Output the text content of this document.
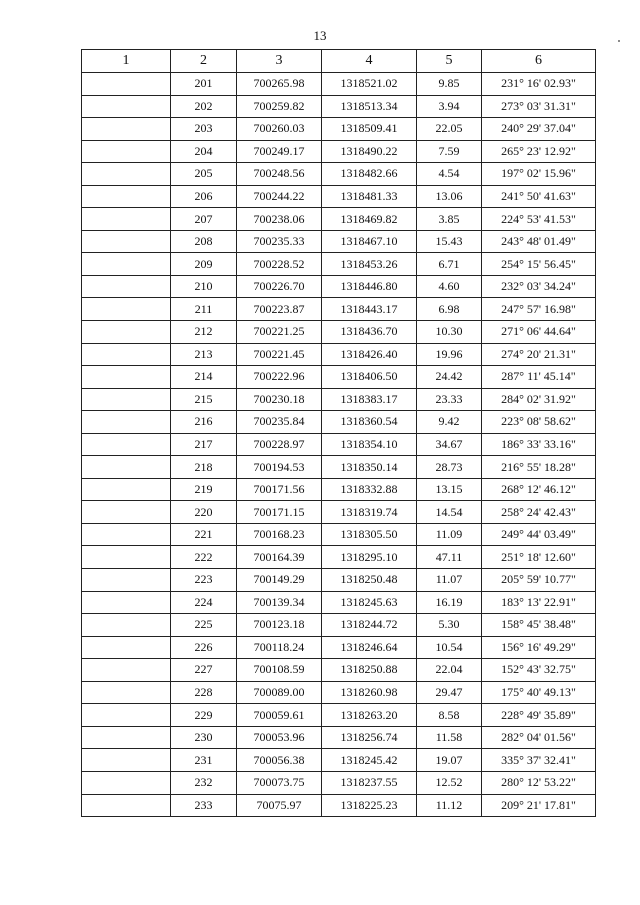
13
1	2	3	4	5	6
	201	700265.98	1318521.02	9.85	231° 16' 02.93"
	202	700259.82	1318513.34	3.94	273° 03' 31.31"
	203	700260.03	1318509.41	22.05	240° 29' 37.04"
	204	700249.17	1318490.22	7.59	265° 23' 12.92"
	205	700248.56	1318482.66	4.54	197° 02' 15.96"
	206	700244.22	1318481.33	13.06	241° 50' 41.63"
	207	700238.06	1318469.82	3.85	224° 53' 41.53"
	208	700235.33	1318467.10	15.43	243° 48' 01.49"
	209	700228.52	1318453.26	6.71	254° 15' 56.45"
	210	700226.70	1318446.80	4.60	232° 03' 34.24"
	211	700223.87	1318443.17	6.98	247° 57' 16.98"
	212	700221.25	1318436.70	10.30	271° 06' 44.64"
	213	700221.45	1318426.40	19.96	274° 20' 21.31"
	214	700222.96	1318406.50	24.42	287° 11' 45.14"
	215	700230.18	1318383.17	23.33	284° 02' 31.92"
	216	700235.84	1318360.54	9.42	223° 08' 58.62"
	217	700228.97	1318354.10	34.67	186° 33' 33.16"
	218	700194.53	1318350.14	28.73	216° 55' 18.28"
	219	700171.56	1318332.88	13.15	268° 12' 46.12"
	220	700171.15	1318319.74	14.54	258° 24' 42.43"
	221	700168.23	1318305.50	11.09	249° 44' 03.49"
	222	700164.39	1318295.10	47.11	251° 18' 12.60"
	223	700149.29	1318250.48	11.07	205° 59' 10.77"
	224	700139.34	1318245.63	16.19	183° 13' 22.91"
	225	700123.18	1318244.72	5.30	158° 45' 38.48"
	226	700118.24	1318246.64	10.54	156° 16' 49.29"
	227	700108.59	1318250.88	22.04	152° 43' 32.75"
	228	700089.00	1318260.98	29.47	175° 40' 49.13"
	229	700059.61	1318263.20	8.58	228° 49' 35.89"
	230	700053.96	1318256.74	11.58	282° 04' 01.56"
	231	700056.38	1318245.42	19.07	335° 37' 32.41"
	232	700073.75	1318237.55	12.52	280° 12' 53.22"
	233	70075.97	1318225.23	11.12	209° 21' 17.81"
